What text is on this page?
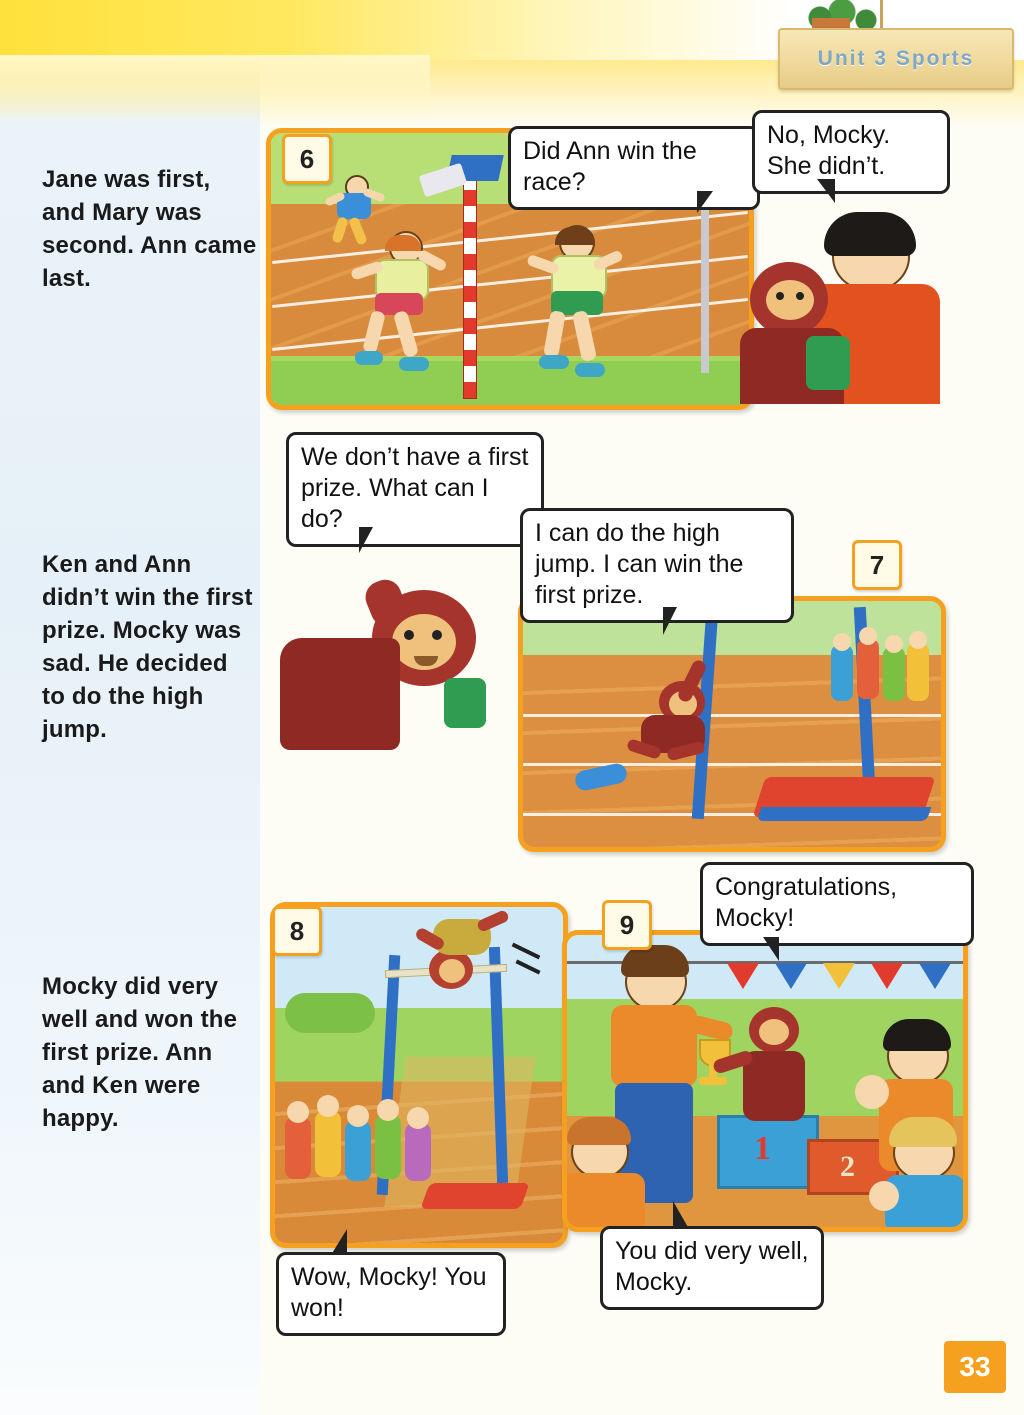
Unit 3 Sports
Jane was first, and Mary was second. Ann came last.
Ken and Ann didn’t win the first prize. Mocky was sad. He decided to do the high jump.
Mocky did very well and won the first prize. Ann and Ken were happy.
6	Did Ann win the race?
No, Mocky. She didn’t.
We don’t have a first prize. What can I do?
7
I can do the high jump. I can win the first prize.
8
1 2
9
Congratulations, Mocky!
Wow, Mocky! You won!
You did very well, Mocky.
33
